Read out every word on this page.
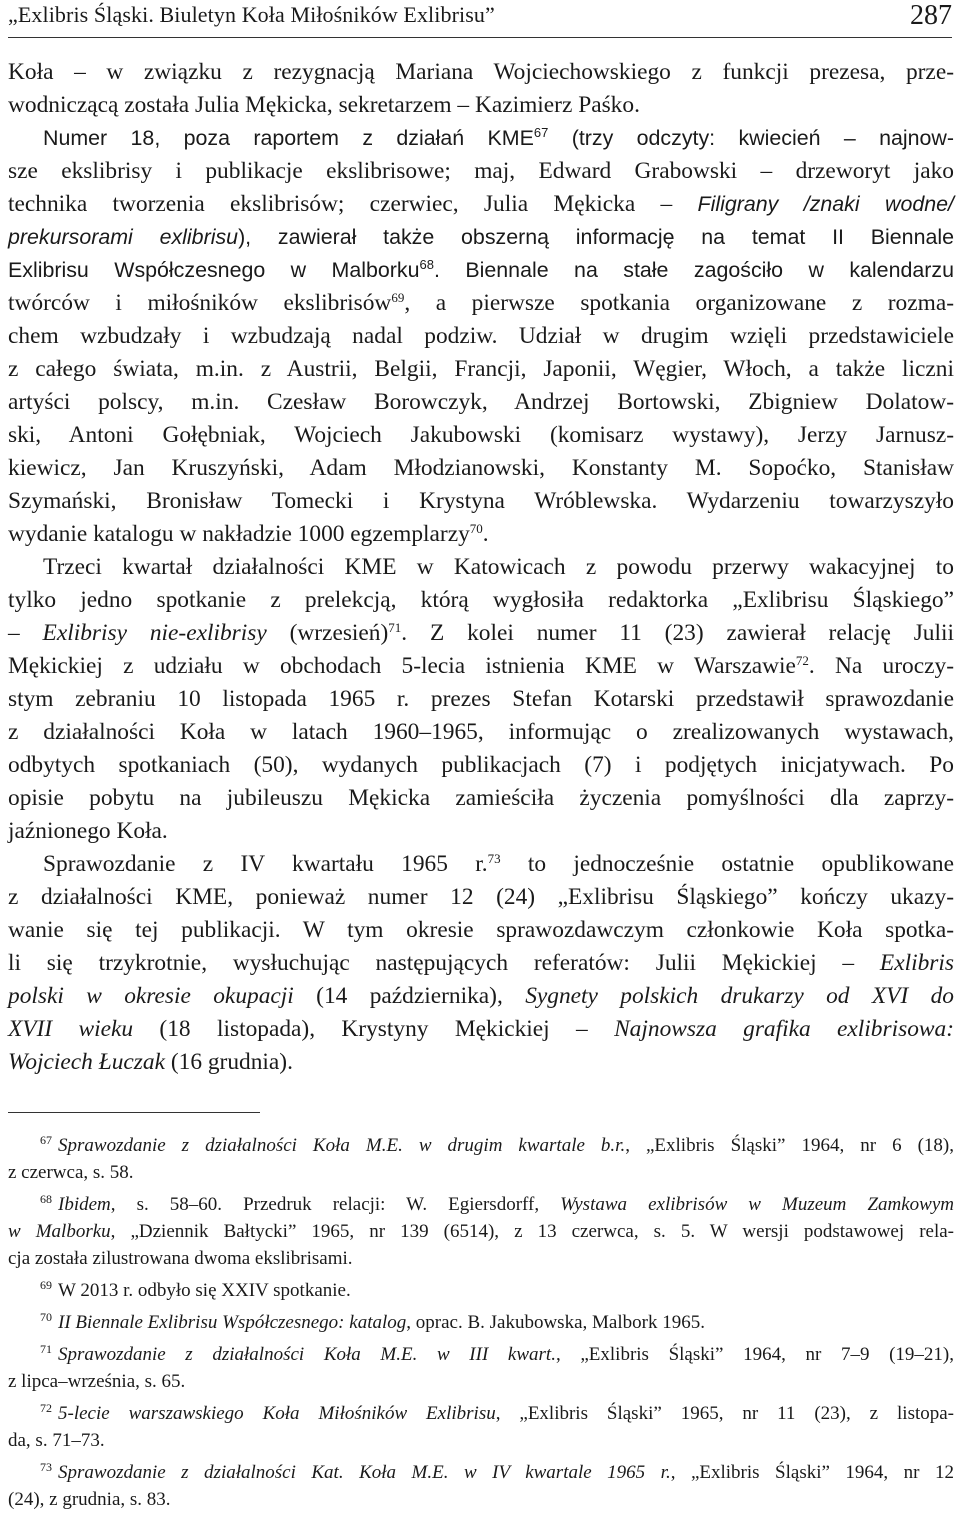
„Exlibris Śląski. Biuletyn Koła Miłośników Exlibrisu”	287
Koła – w związku z rezygnacją Mariana Wojciechowskiego z funkcji prezesa, prze-
wodniczącą została Julia Mękicka, sekretarzem – Kazimierz Paśko.
Numer 18, poza raportem z działań KME$^{67}$ (trzy odczyty: kwiecień – najnow-
sze ekslibrisy i publikacje ekslibrisowe; maj, Edward Grabowski – drzeworyt jako
technika tworzenia ekslibrisów; czerwiec, Julia Mękicka – Filigrany /znaki wodne/
prekursorami exlibrisu), zawierał także obszerną informację na temat II Biennale
Exlibrisu Współczesnego w Malborku$^{68}$. Biennale na stałe zagościło w kalendarzu
twórców i miłośników ekslibrisów$^{69}$, a pierwsze spotkania organizowane z rozma-
chem wzbudzały i wzbudzają nadal podziw. Udział w drugim wzięli przedstawiciele
z całego świata, m.in. z Austrii, Belgii, Francji, Japonii, Węgier, Włoch, a także liczni
artyści polscy, m.in. Czesław Borowczyk, Andrzej Bortowski, Zbigniew Dolatow-
ski, Antoni Gołębniak, Wojciech Jakubowski (komisarz wystawy), Jerzy Jarnusz-
kiewicz, Jan Kruszyński, Adam Młodzianowski, Konstanty M. Sopoćko, Stanisław
Szymański, Bronisław Tomecki i Krystyna Wróblewska. Wydarzeniu towarzyszyło
wydanie katalogu w nakładzie 1000 egzemplarzy$^{70}$.
Trzeci kwartał działalności KME w Katowicach z powodu przerwy wakacyjnej to
tylko jedno spotkanie z prelekcją, którą wygłosiła redaktorka „Exlibrisu Śląskiego”
– Exlibrisy nie-exlibrisy (wrzesień)$^{71}$. Z kolei numer 11 (23) zawierał relację Julii
Mękickiej z udziału w obchodach 5-lecia istnienia KME w Warszawie$^{72}$. Na uroczy-
stym zebraniu 10 listopada 1965 r. prezes Stefan Kotarski przedstawił sprawozdanie
z działalności Koła w latach 1960–1965, informując o zrealizowanych wystawach,
odbytych spotkaniach (50), wydanych publikacjach (7) i podjętych inicjatywach. Po
opisie pobytu na jubileuszu Mękicka zamieściła życzenia pomyślności dla zaprzy-
jaźnionego Koła.
Sprawozdanie z IV kwartału 1965 r.$^{73}$ to jednocześnie ostatnie opublikowane
z działalności KME, ponieważ numer 12 (24) „Exlibrisu Śląskiego” kończy ukazy-
wanie się tej publikacji. W tym okresie sprawozdawczym członkowie Koła spotka-
li się trzykrotnie, wysłuchując następujących referatów: Julii Mękickiej – Exlibris
polski w okresie okupacji (14 października), Sygnety polskich drukarzy od XVI do
XVII wieku (18 listopada), Krystyny Mękickiej – Najnowsza grafika exlibrisowa:
Wojciech Łuczak (16 grudnia).
$^{67}$ Sprawozdanie z działalności Koła M.E. w drugim kwartale b.r., „Exlibris Śląski” 1964, nr 6 (18),
z czerwca, s. 58.
$^{68}$ Ibidem, s. 58–60. Przedruk relacji: W. Egiersdorff, Wystawa exlibrisów w Muzeum Zamkowym
w Malborku, „Dziennik Bałtycki” 1965, nr 139 (6514), z 13 czerwca, s. 5. W wersji podstawowej rela-
cja została zilustrowana dwoma ekslibrisami.
$^{69}$ W 2013 r. odbyło się XXIV spotkanie.
$^{70}$ II Biennale Exlibrisu Współczesnego: katalog, oprac. B. Jakubowska, Malbork 1965.
$^{71}$ Sprawozdanie z działalności Koła M.E. w III kwart., „Exlibris Śląski” 1964, nr 7–9 (19–21),
z lipca–września, s. 65.
$^{72}$ 5-lecie warszawskiego Koła Miłośników Exlibrisu, „Exlibris Śląski” 1965, nr 11 (23), z listopa-
da, s. 71–73.
$^{73}$ Sprawozdanie z działalności Kat. Koła M.E. w IV kwartale 1965 r., „Exlibris Śląski” 1964, nr 12
(24), z grudnia, s. 83.
